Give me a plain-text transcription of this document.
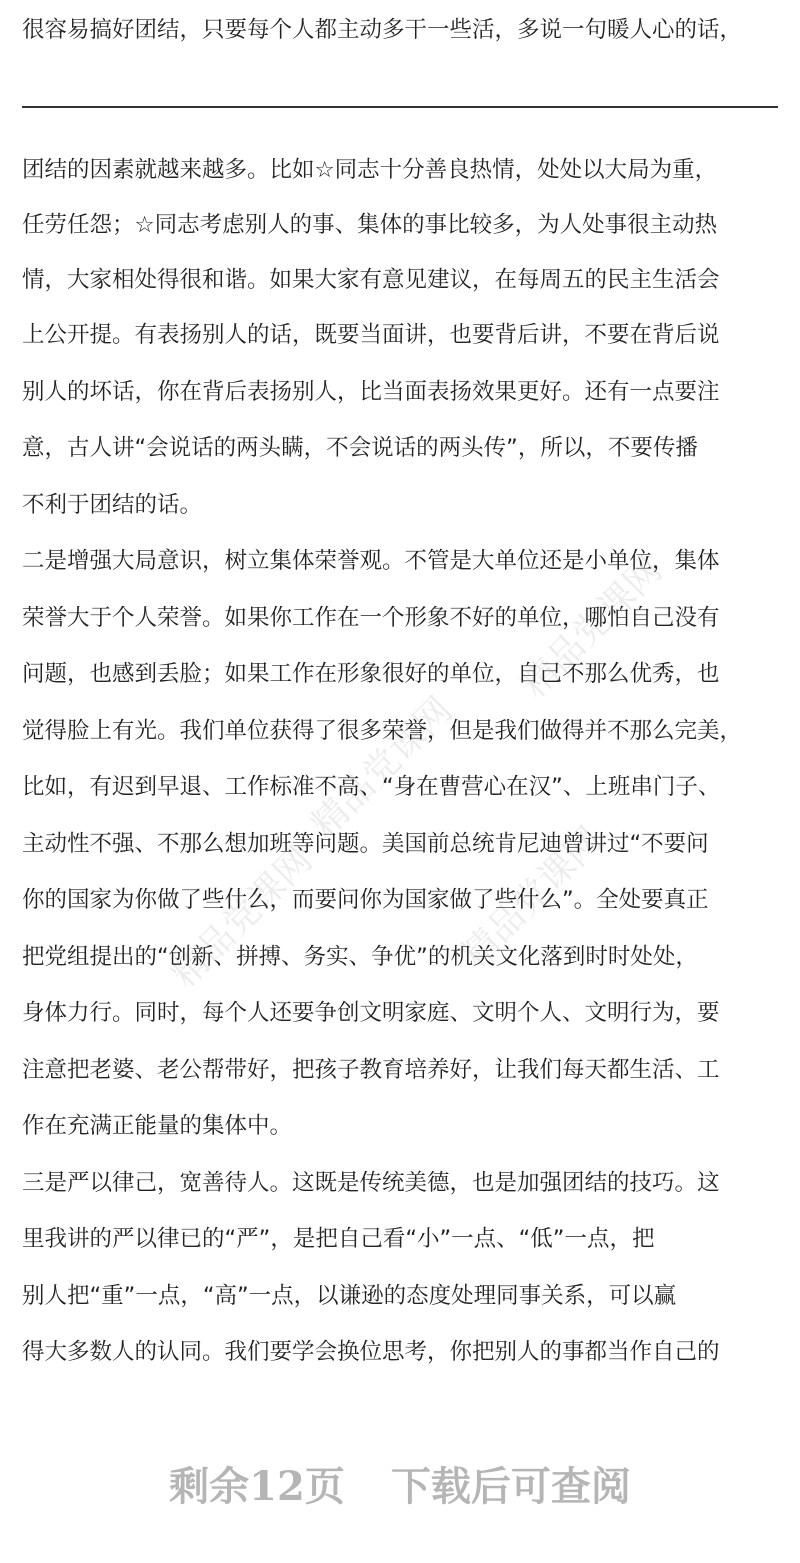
精品党课网
精品党课网
精品党课网	精品党课网
很容易搞好团结，只要每个人都主动多干一些活，多说一句暖人心的话，
团结的因素就越来越多。比如☆同志十分善良热情，处处以大局为重，
任劳任怨；☆同志考虑别人的事、集体的事比较多，为人处事很主动热
情，大家相处得很和谐。如果大家有意见建议，在每周五的民主生活会
上公开提。有表扬别人的话，既要当面讲，也要背后讲，不要在背后说
别人的坏话，你在背后表扬别人，比当面表扬效果更好。还有一点要注
意，古人讲“会说话的两头瞒，不会说话的两头传”，所以，不要传播
不利于团结的话。
二是增强大局意识，树立集体荣誉观。不管是大单位还是小单位，集体
荣誉大于个人荣誉。如果你工作在一个形象不好的单位，哪怕自己没有
问题，也感到丢脸；如果工作在形象很好的单位，自己不那么优秀，也
觉得脸上有光。我们单位获得了很多荣誉，但是我们做得并不那么完美，
比如，有迟到早退、工作标准不高、“身在曹营心在汉”、上班串门子、
主动性不强、不那么想加班等问题。美国前总统肯尼迪曾讲过“不要问
你的国家为你做了些什么，而要问你为国家做了些什么”。全处要真正
把党组提出的“创新、拼搏、务实、争优”的机关文化落到时时处处，
身体力行。同时，每个人还要争创文明家庭、文明个人、文明行为，要
注意把老婆、老公帮带好，把孩子教育培养好，让我们每天都生活、工
作在充满正能量的集体中。
三是严以律己，宽善待人。这既是传统美德，也是加强团结的技巧。这
里我讲的严以律已的“严”，是把自己看“小”一点、“低”一点，把
别人把“重”一点，“高”一点，以谦逊的态度处理同事关系，可以赢
得大多数人的认同。我们要学会换位思考，你把别人的事都当作自己的
剩余12页 下载后可查阅
